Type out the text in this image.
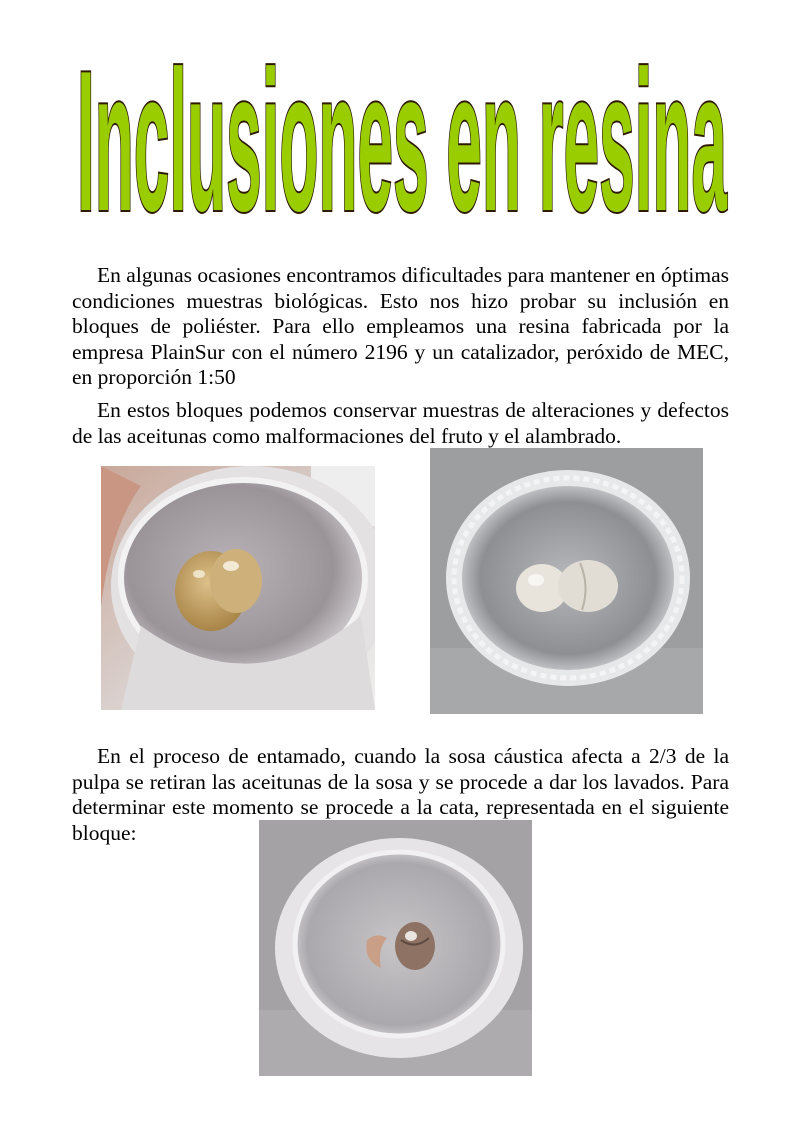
Inclusiones en resina

En algunas ocasiones encontramos dificultades para mantener en óptimas condiciones muestras biológicas. Esto nos hizo probar su inclusión en bloques de poliéster. Para ello empleamos una resina fabricada por la empresa PlainSur con el número 2196 y un catalizador, peróxido de MEC, en proporción 1:50

En estos bloques podemos conservar muestras de alteraciones y defectos de las aceitunas como malformaciones del fruto y el alambrado.

En el proceso de entamado, cuando la sosa cáustica afecta a 2/3 de la pulpa se retiran las aceitunas de la sosa y se procede a dar los lavados. Para determinar este momento se procede a la cata, representada en el siguiente bloque:
